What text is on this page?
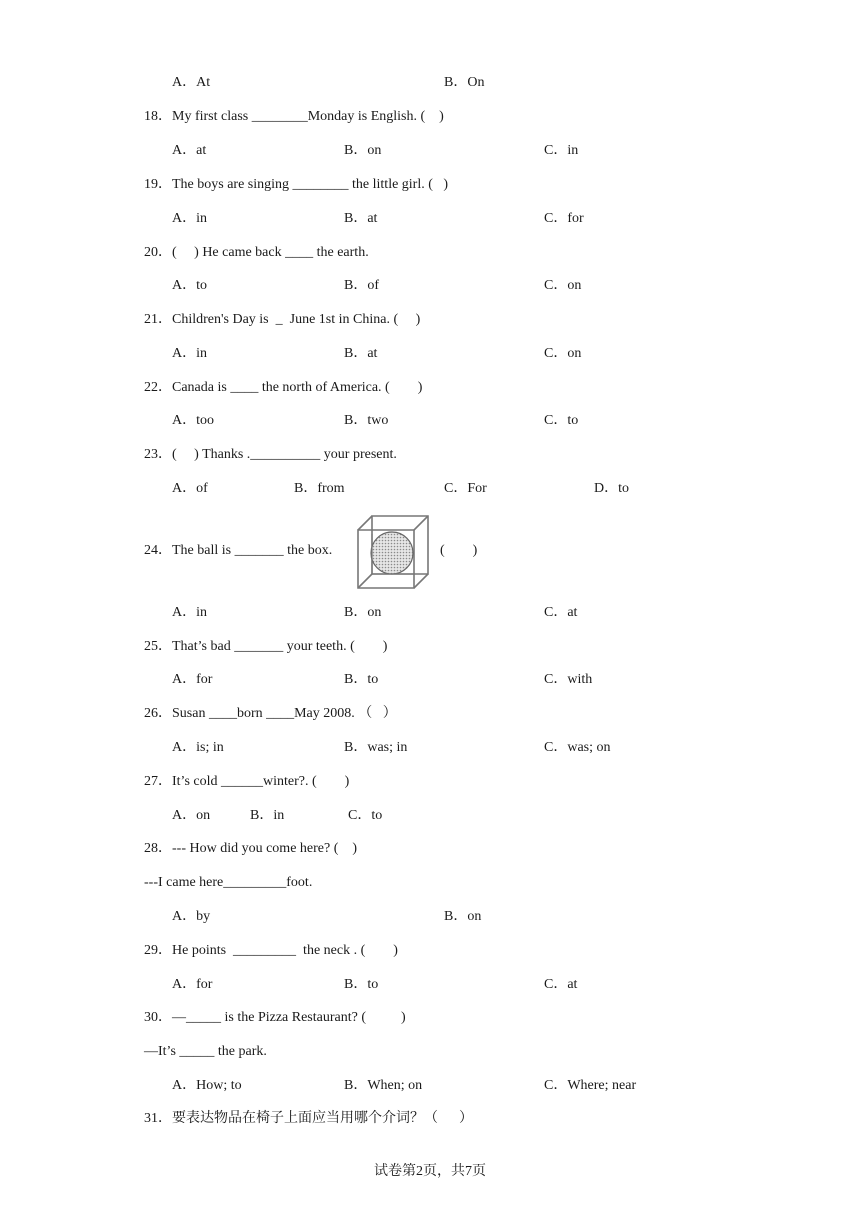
A．At	B．On
18．My first class ________Monday is English. (    )
A．at	B．on	C．in
19．The boys are singing ________ the little girl. (   )
A．in	B．at	C．for
20．(     ) He came back ____ the earth.
A．to	B．of	C．on
21．Children's Day is  _  June 1st in China. (     )
A．in	B．at	C．on
22．Canada is ____ the north of America. (        )
A．too	B．two	C．to
23．(     ) Thanks .__________ your present.
A．of	B．from	C．For	D．to
24．The ball is _______ the box.	(        )
A．in	B．on	C．at
25．That’s bad _______ your teeth. (        )
A．for	B．to	C．with
26．Susan ____born ____May 2008. （   ）
A．is; in	B．was; in	C．was; on
27．It’s cold ______winter?. (        )
A．on	B．in	C．to
28．--- How did you come here? (    )
---I came here_________foot.
A．by	B．on
29．He points  _________  the neck . (        )
A．for	B．to	C．at
30．—_____ is the Pizza Restaurant? (          )
—It’s _____ the park.
A．How; to	B．When; on	C．Where; near
31．要表达物品在椅子上面应当用哪个介词？（      ）
试卷第2页，共7页
